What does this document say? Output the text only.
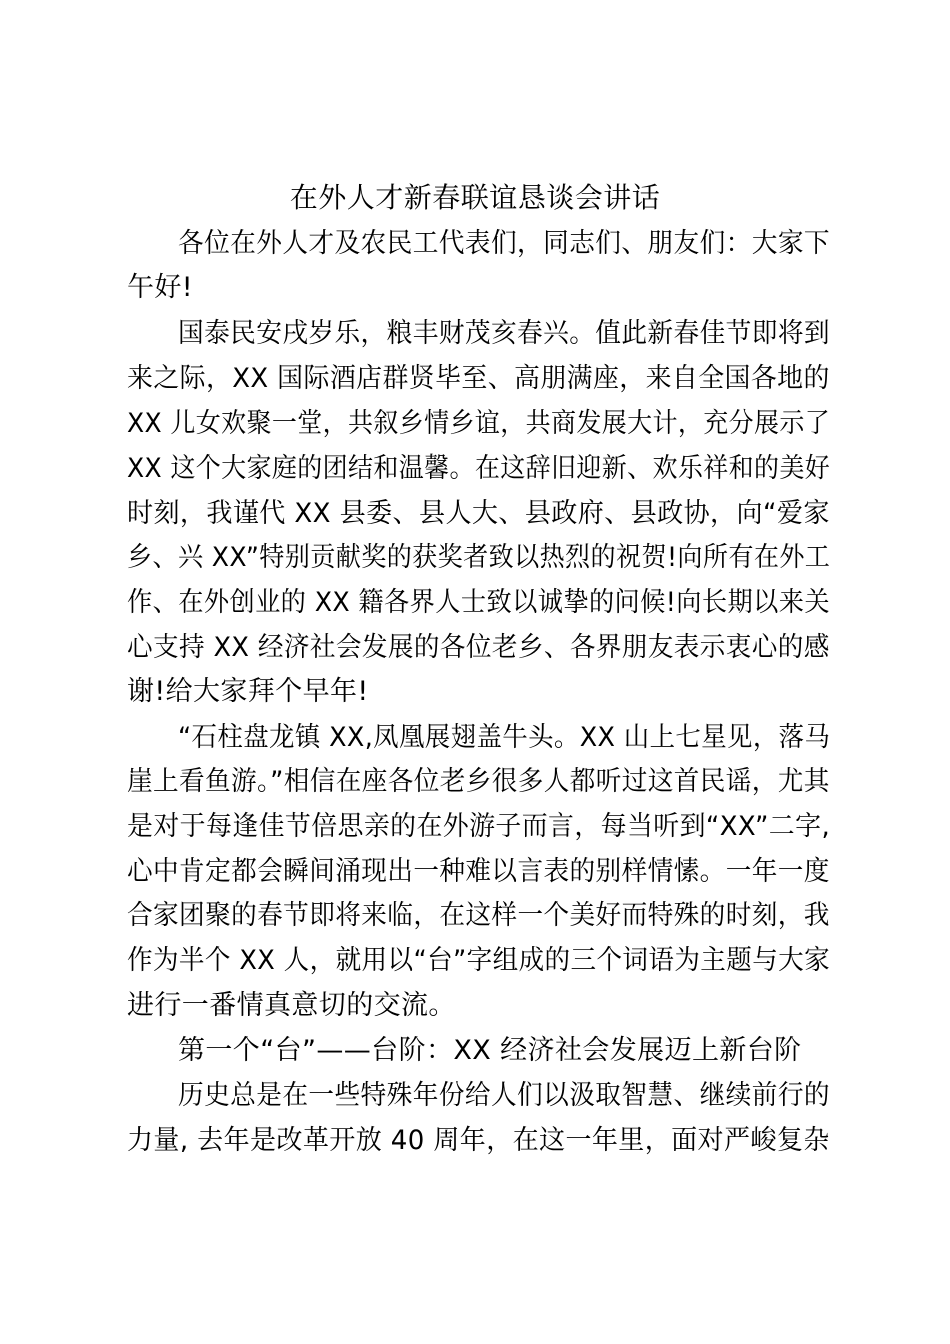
在外人才新春联谊恳谈会讲话
各位在外人才及农民工代表们，同志们、朋友们：大家下
午好!
国泰民安戌岁乐，粮丰财茂亥春兴。值此新春佳节即将到
来之际，XX 国际酒店群贤毕至、高朋满座，来自全国各地的
XX 儿女欢聚一堂，共叙乡情乡谊，共商发展大计，充分展示了
XX 这个大家庭的团结和温馨。在这辞旧迎新、欢乐祥和的美好
时刻，我谨代 XX 县委、县人大、县政府、县政协，向“爱家
乡、兴 XX”特别贡献奖的获奖者致以热烈的祝贺!向所有在外工
作、在外创业的 XX 籍各界人士致以诚挚的问候!向长期以来关
心支持 XX 经济社会发展的各位老乡、各界朋友表示衷心的感
谢!给大家拜个早年!
“石柱盘龙镇 XX,凤凰展翅盖牛头。XX 山上七星见，落马
崖上看鱼游。”相信在座各位老乡很多人都听过这首民谣，尤其
是对于每逢佳节倍思亲的在外游子而言，每当听到“XX”二字,
心中肯定都会瞬间涌现出一种难以言表的别样情愫。一年一度
合家团聚的春节即将来临，在这样一个美好而特殊的时刻，我
作为半个 XX 人，就用以“台”字组成的三个词语为主题与大家
进行一番情真意切的交流。
第一个“台”——台阶：XX 经济社会发展迈上新台阶
历史总是在一些特殊年份给人们以汲取智慧、继续前行的
力量, 去年是改革开放 40 周年，在这一年里，面对严峻复杂
